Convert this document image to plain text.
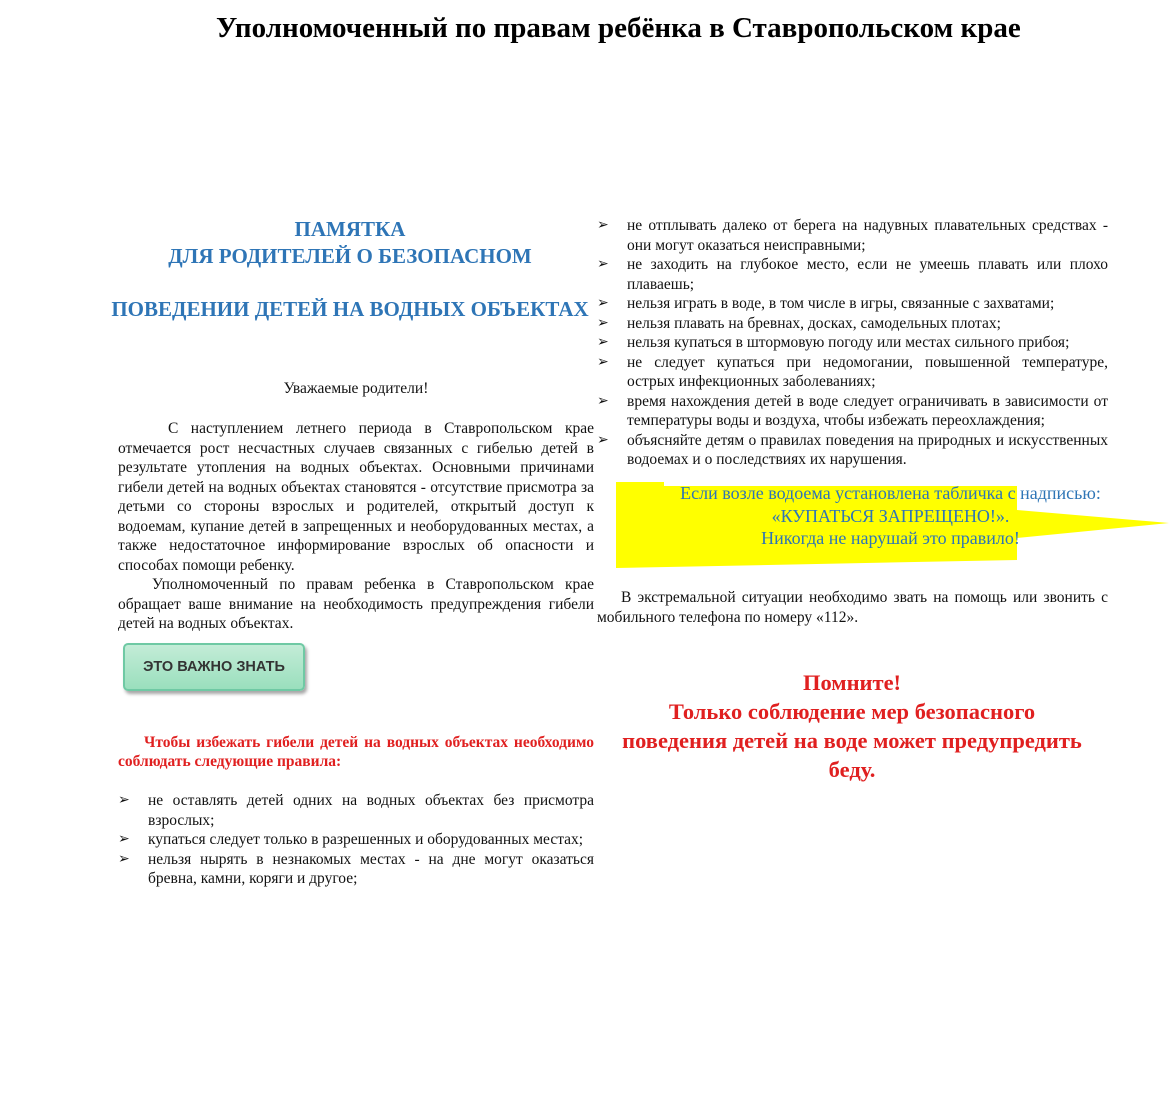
Уполномоченный по правам ребёнка в Ставропольском крае
ПАМЯТКА
ДЛЯ РОДИТЕЛЕЙ О БЕЗОПАСНОМ
ПОВЕДЕНИИ ДЕТЕЙ НА ВОДНЫХ ОБЪЕКТАХ
Уважаемые родители!

С наступлением летнего периода в Ставропольском крае отмечается рост несчастных случаев связанных с гибелью детей в результате утопления на водных объектах. Основными причинами гибели детей на водных объектах становятся - отсутствие присмотра за детьми со стороны взрослых и родителей, открытый доступ к водоемам, купание детей в запрещенных и необорудованных местах, а также недостаточное информирование взрослых об опасности и способах помощи ребенку.

Уполномоченный по правам ребенка в Ставропольском крае обращает ваше внимание на необходимость предупреждения гибели детей на водных объектах.

ЭТО ВАЖНО ЗНАТЬ
Чтобы избежать гибели детей на водных объектах необходимо соблюдать следующие правила:
➢ не оставлять детей одних на водных объектах без присмотра взрослых;
➢ купаться следует только в разрешенных и оборудованных местах;
➢ нельзя нырять в незнакомых местах - на дне могут оказаться бревна, камни, коряги и другое;
➢ не отплывать далеко от берега на надувных плавательных средствах - они могут оказаться неисправными;
➢ не заходить на глубокое место, если не умеешь плавать или плохо плаваешь;
➢ нельзя играть в воде, в том числе в игры, связанные с захватами;
➢ нельзя плавать на бревнах, досках, самодельных плотах;
➢ нельзя купаться в штормовую погоду или местах сильного прибоя;
➢ не следует купаться при недомогании, повышенной температуре, острых инфекционных заболеваниях;
➢ время нахождения детей в воде следует ограничивать в зависимости от температуры воды и воздуха, чтобы избежать переохлаждения;
➢ объясняйте детям о правилах поведения на природных и искусственных водоемах и о последствиях их нарушения.
Если возле водоема установлена табличка с надписью:
«КУПАТЬСЯ ЗАПРЕЩЕНО!».
Никогда не нарушай это правило!
В экстремальной ситуации необходимо звать на помощь или звонить с мобильного телефона по номеру «112».
Помните!
Только соблюдение мер безопасного
поведения детей на воде может предупредить
беду.
